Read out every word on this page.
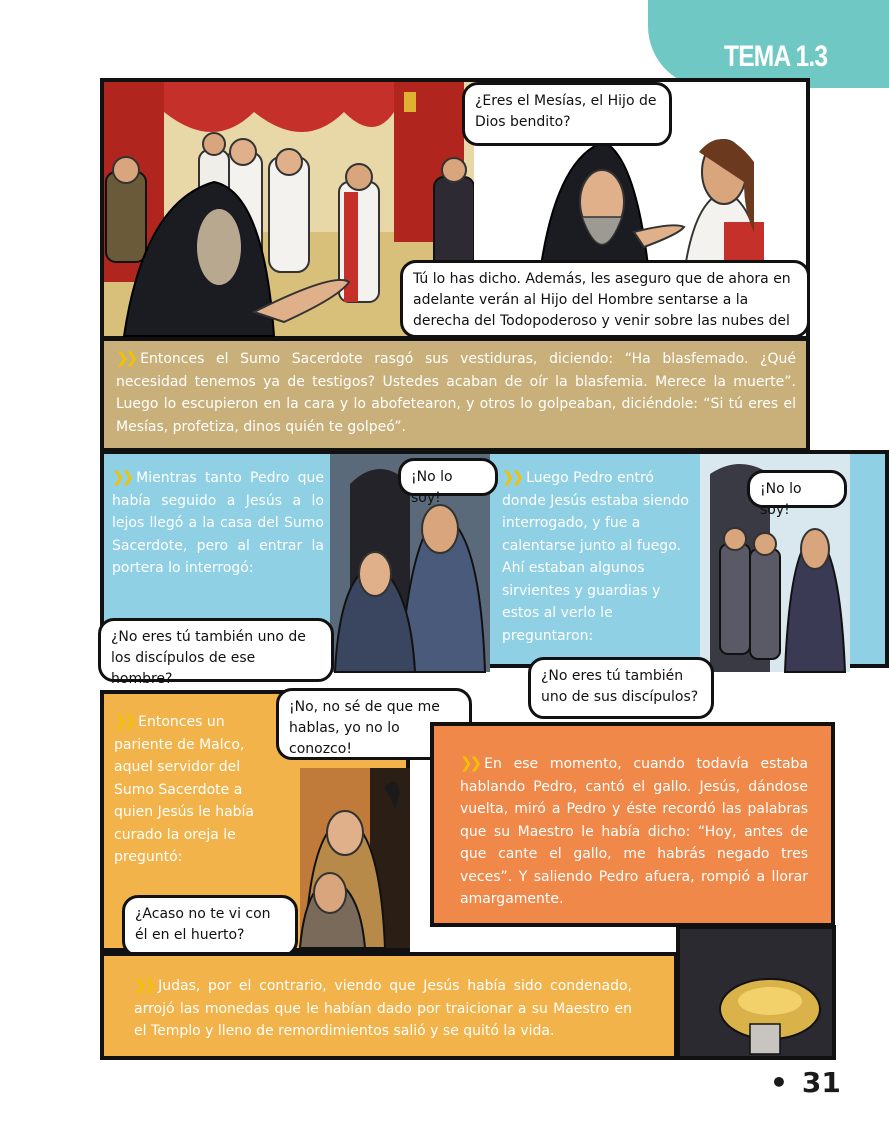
TEMA 1.3
¿Eres el Mesías, el Hijo de Dios bendito?
Tú lo has dicho. Además, les aseguro que de ahora en adelante verán al Hijo del Hombre sentarse a la derecha del Todopoderoso y venir sobre las nubes del
❯❯ Entonces el Sumo Sacerdote rasgó sus vestiduras, diciendo: “Ha blasfemado. ¿Qué necesidad tenemos ya de testigos? Ustedes acaban de oír la blasfemia. Merece la muerte”. Luego lo escupieron en la cara y lo abofetearon, y otros lo golpeaban, diciéndole: “Si tú eres el Mesías, profetiza, dinos quién te golpeó”.
❯❯ Mientras tanto Pedro que había seguido a Jesús a lo lejos llegó a la casa del Sumo Sacerdote, pero al entrar la portera lo interrogó:
❯❯ Luego Pedro entró donde Jesús estaba siendo interrogado, y fue a calentarse junto al fuego. Ahí estaban algunos sirvientes y guardias y estos al verlo le preguntaron:
¡No lo soy!
¡No lo soy!
¿No eres tú también uno de los discípulos de ese hombre?	¿No eres tú también uno de sus discípulos?
❯❯ Entonces un pariente de Malco, aquel servidor del Sumo Sacerdote a quien Jesús le había curado la oreja le preguntó:
¡No, no sé de que me hablas, yo no lo conozco!
¿Acaso no te vi con él en el huerto?
❯❯ En ese momento, cuando todavía estaba hablando Pedro, cantó el gallo. Jesús, dándose vuelta, miró a Pedro y éste recordó las palabras que su Maestro le había dicho: “Hoy, antes de que cante el gallo, me habrás negado tres veces”. Y saliendo Pedro afuera, rompió a llorar amargamente.
❯❯ Judas, por el contrario, viendo que Jesús había sido condenado, arrojó las monedas que le habían dado por traicionar a su Maestro en el Templo y lleno de remordimientos salió y se quitó la vida.
• 31
